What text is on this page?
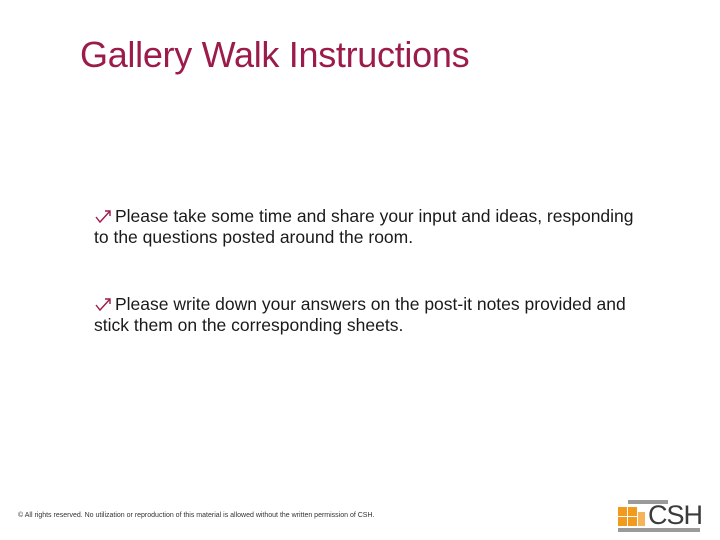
Gallery Walk Instructions
Please take some time and share your input and ideas, responding to the questions posted around the room.
Please write down your answers on the post-it notes provided and stick them on the corresponding sheets.
© All rights reserved. No utilization or reproduction of this material is allowed without the written permission of CSH.	CSH
